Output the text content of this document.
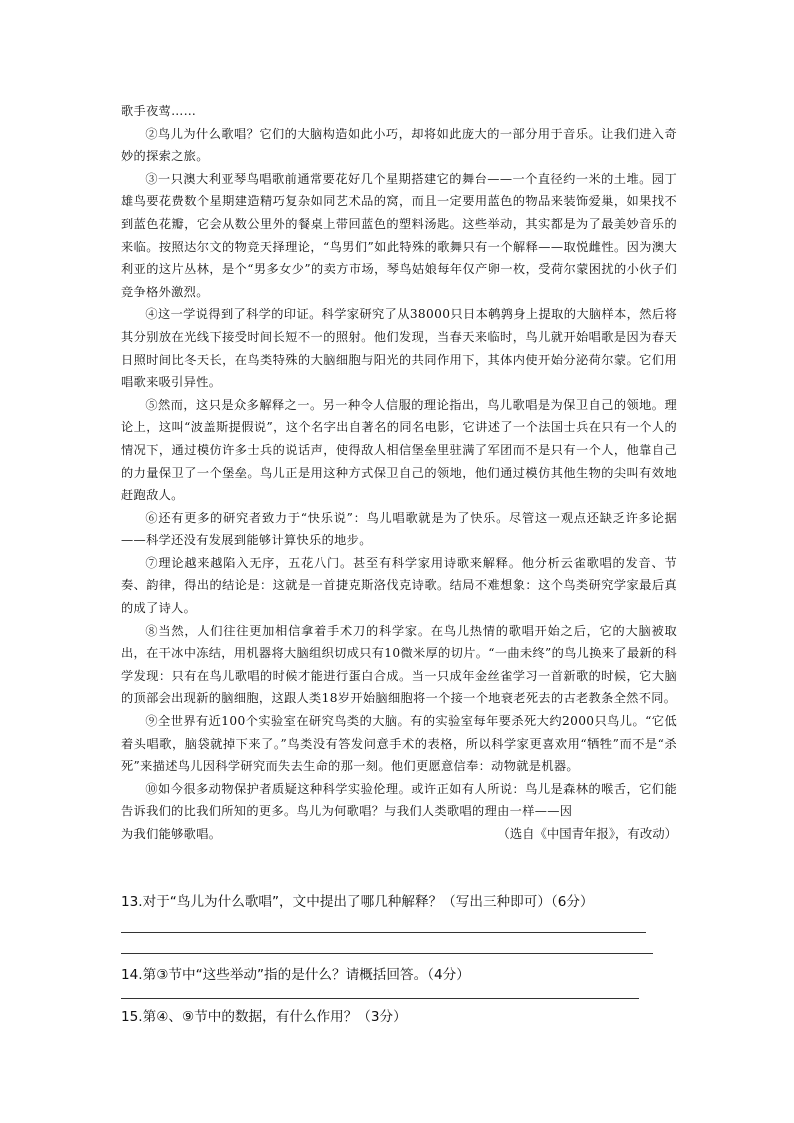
歌手夜莺……

②鸟儿为什么歌唱？它们的大脑构造如此小巧，却将如此庞大的一部分用于音乐。让我们进入奇妙的探索之旅。

③一只澳大利亚琴鸟唱歌前通常要花好几个星期搭建它的舞台——一个直径约一米的土堆。园丁雄鸟要花费数个星期建造精巧复杂如同艺术品的窝，而且一定要用蓝色的物品来装饰爱巢，如果找不到蓝色花瓣，它会从数公里外的餐桌上带回蓝色的塑料汤匙。这些举动，其实都是为了最美妙音乐的来临。按照达尔文的物竞天择理论，“鸟男们”如此特殊的歌舞只有一个解释——取悦雌性。因为澳大利亚的这片丛林，是个“男多女少”的卖方市场，琴鸟姑娘每年仅产卵一枚，受荷尔蒙困扰的小伙子们竞争格外激烈。

④这一学说得到了科学的印证。科学家研究了从38000只日本鹌鹑身上提取的大脑样本，然后将其分别放在光线下接受时间长短不一的照射。他们发现，当春天来临时，鸟儿就开始唱歌是因为春天日照时间比冬天长，在鸟类特殊的大脑细胞与阳光的共同作用下，其体内使开始分泌荷尔蒙。它们用唱歌来吸引异性。

⑤然而，这只是众多解释之一。另一种令人信服的理论指出，鸟儿歌唱是为保卫自己的领地。理论上，这叫“波盖斯提假说”，这个名字出自著名的同名电影，它讲述了一个法国士兵在只有一个人的情况下，通过模仿许多士兵的说话声，使得敌人相信堡垒里驻满了军团而不是只有一个人，他靠自己的力量保卫了一个堡垒。鸟儿正是用这种方式保卫自己的领地，他们通过模仿其他生物的尖叫有效地赶跑敌人。

⑥还有更多的研究者致力于“快乐说”：鸟儿唱歌就是为了快乐。尽管这一观点还缺乏许多论据——科学还没有发展到能够计算快乐的地步。

⑦理论越来越陷入无序，五花八门。甚至有科学家用诗歌来解释。他分析云雀歌唱的发音、节奏、韵律，得出的结论是：这就是一首捷克斯洛伐克诗歌。结局不难想象：这个鸟类研究学家最后真的成了诗人。

⑧当然，人们往往更加相信拿着手术刀的科学家。在鸟儿热情的歌唱开始之后，它的大脑被取出，在干冰中冻结，用机器将大脑组织切成只有10微米厚的切片。“一曲未终”的鸟儿换来了最新的科学发现：只有在鸟儿歌唱的时候才能进行蛋白合成。当一只成年金丝雀学习一首新歌的时候，它大脑的顶部会出现新的脑细胞，这跟人类18岁开始脑细胞将一个接一个地衰老死去的古老教条全然不同。

⑨全世界有近100个实验室在研究鸟类的大脑。有的实验室每年要杀死大约2000只鸟儿。“它低着头唱歌，脑袋就掉下来了。”鸟类没有答发问意手术的表格，所以科学家更喜欢用“牺牲”而不是“杀死”来描述鸟儿因科学研究而失去生命的那一刻。他们更愿意信奉：动物就是机器。

⑩如今很多动物保护者质疑这种科学实验伦理。或许正如有人所说：鸟儿是森林的喉舌，它们能告诉我们的比我们所知的更多。鸟儿为何歌唱？与我们人类歌唱的理由一样——因

为我们能够歌唱。	（选自《中国青年报》，有改动）
13.对于“鸟儿为什么歌唱”，文中提出了哪几种解释？（写出三种即可）（6分）
14.第③节中“这些举动”指的是什么？请概括回答。（4分）
15.第④、⑨节中的数据，有什么作用？（3分）
